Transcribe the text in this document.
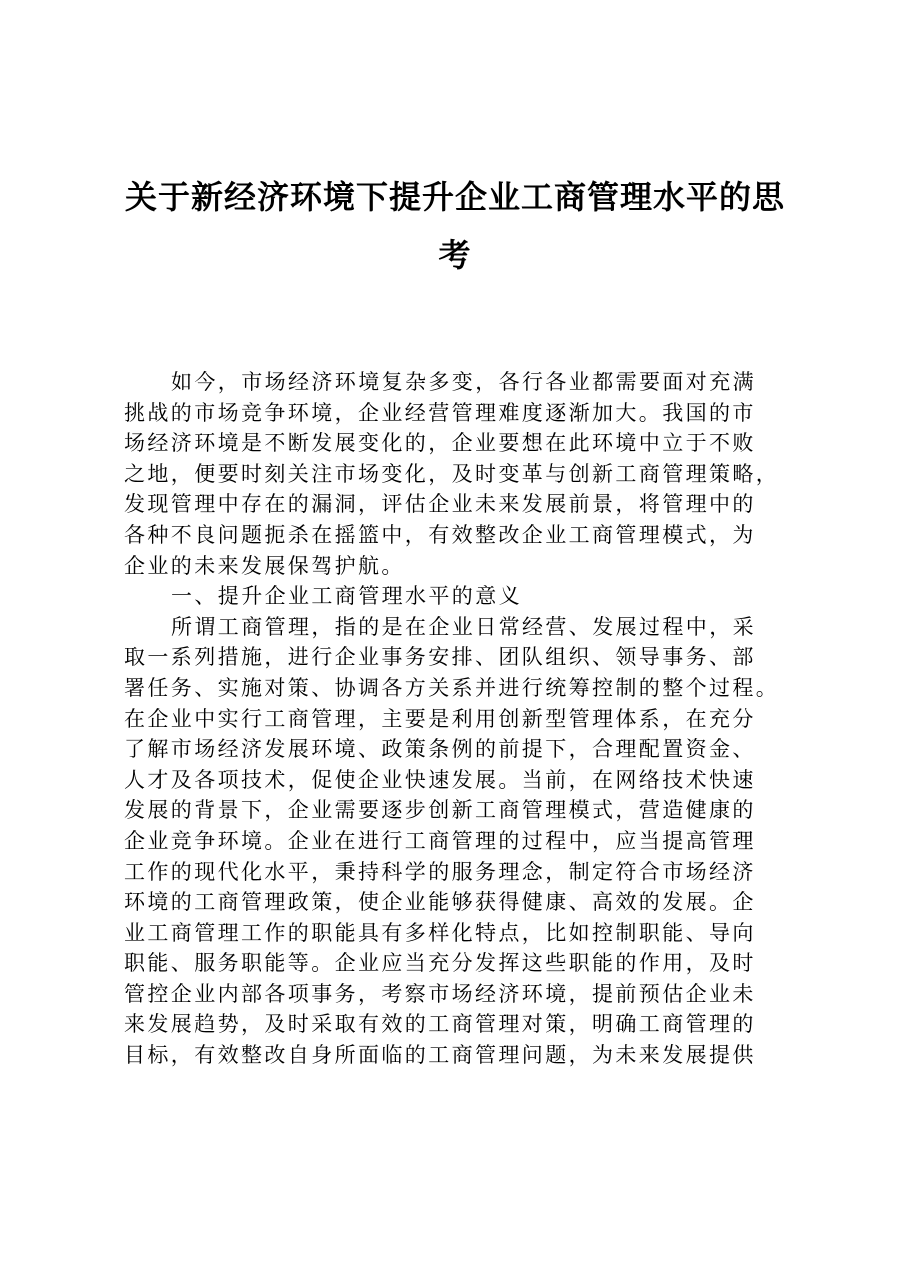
关于新经济环境下提升企业工商管理水平的思
考
如今，市场经济环境复杂多变，各行各业都需要面对充满
挑战的市场竞争环境，企业经营管理难度逐渐加大。我国的市
场经济环境是不断发展变化的，企业要想在此环境中立于不败
之地，便要时刻关注市场变化，及时变革与创新工商管理策略，
发现管理中存在的漏洞，评估企业未来发展前景，将管理中的
各种不良问题扼杀在摇篮中，有效整改企业工商管理模式，为
企业的未来发展保驾护航。
一、提升企业工商管理水平的意义
所谓工商管理，指的是在企业日常经营、发展过程中，采
取一系列措施，进行企业事务安排、团队组织、领导事务、部
署任务、实施对策、协调各方关系并进行统筹控制的整个过程。
在企业中实行工商管理，主要是利用创新型管理体系，在充分
了解市场经济发展环境、政策条例的前提下，合理配置资金、
人才及各项技术，促使企业快速发展。当前，在网络技术快速
发展的背景下，企业需要逐步创新工商管理模式，营造健康的
企业竞争环境。企业在进行工商管理的过程中，应当提高管理
工作的现代化水平，秉持科学的服务理念，制定符合市场经济
环境的工商管理政策，使企业能够获得健康、高效的发展。企
业工商管理工作的职能具有多样化特点，比如控制职能、导向
职能、服务职能等。企业应当充分发挥这些职能的作用，及时
管控企业内部各项事务，考察市场经济环境，提前预估企业未
来发展趋势，及时采取有效的工商管理对策，明确工商管理的
目标，有效整改自身所面临的工商管理问题，为未来发展提供
